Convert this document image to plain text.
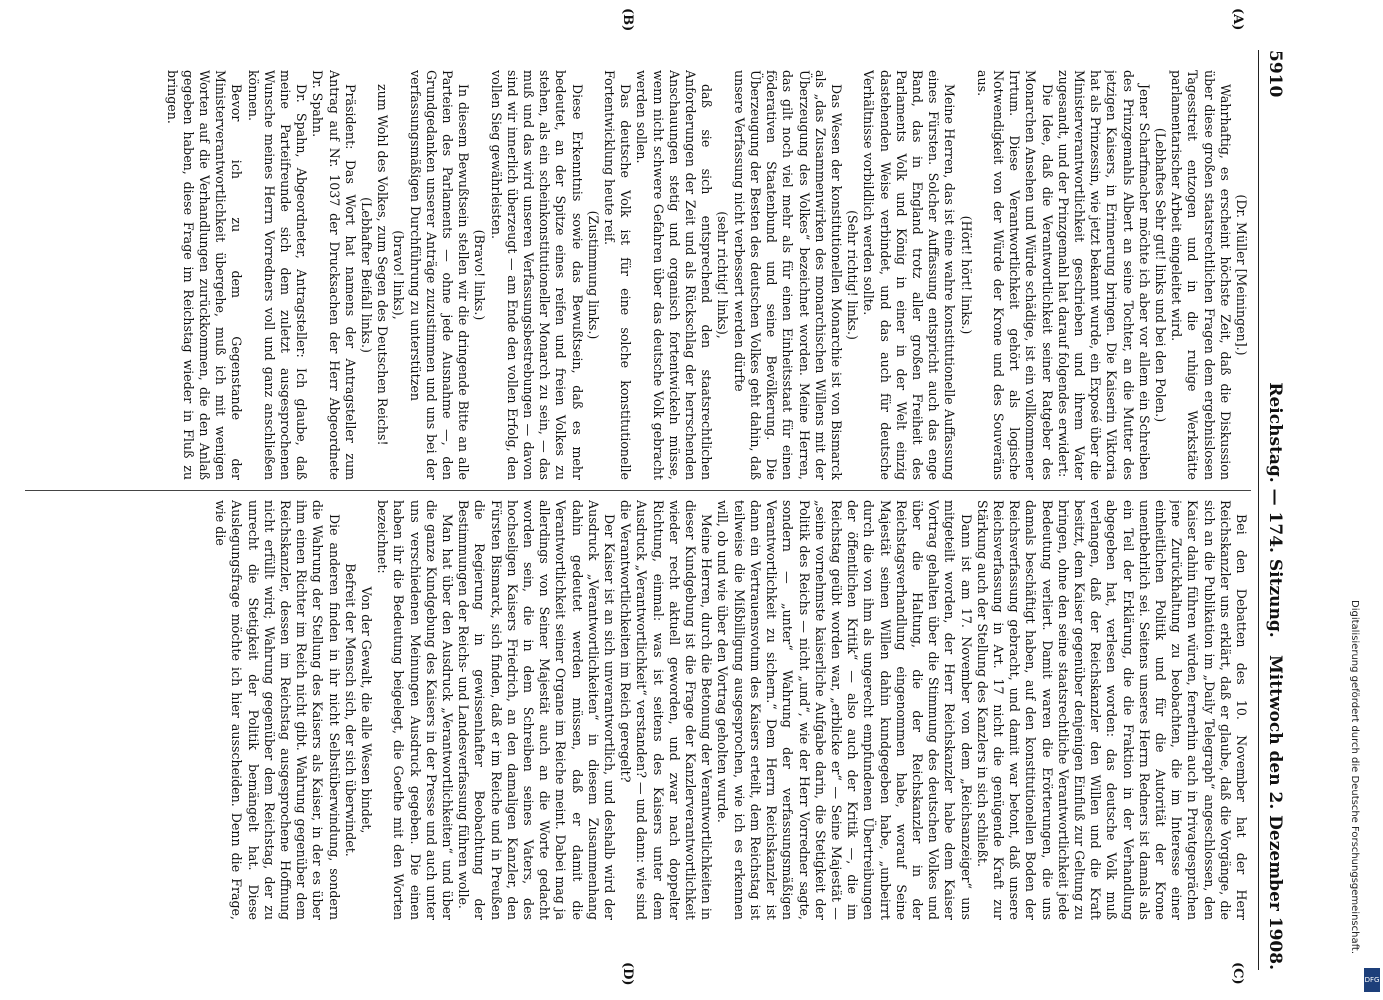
5910
Reichstag. — 174. Sitzung.
Mittwoch den 2. Dezember 1908.
(A)
(B)
(C)
(D)

(Dr. Müller [Meiningen].)

Wahrhaftig, es erscheint höchste Zeit, daß die Diskussion über diese großen staatsrechtlichen Fragen dem ergebnislosen Tagesstreit entzogen und in die ruhige Werkstätte parlamentarischer Arbeit eingeleitet wird.

(Lebhaftes Sehr gut! links und bei den Polen.)

Jener Scharfmacher möchte ich aber vor allem ein Schreiben des Prinzgemahls Albert an seine Tochter, an die Mutter des jetzigen Kaisers, in Erinnerung bringen. Die Kaiserin Viktoria hat als Prinzessin, wie jetzt bekannt wurde, ein Exposé über die Ministerverantwortlichkeit geschrieben und ihrem Vater zugesandt, und der Prinzgemahl hat darauf folgendes erwidert:

Die Idee, daß die Verantwortlichkeit seiner Ratgeber des Monarchen Ansehen und Würde schädige, ist ein vollkommener Irrtum. Diese Verantwortlichkeit gehört als logische Notwendigkeit von der Würde der Krone und des Souveräns aus.

(Hört! hört! links.)

Meine Herren, das ist eine wahre konstitutionelle Auffassung eines Fürsten. Solcher Auffassung entspricht auch das enge Band, das in England trotz aller großen Freiheit des Parlaments Volk und König in einer in der Welt einzig dastehenden Weise verbindet, und das auch für deutsche Verhältnisse vorbildlich werden sollte.

(Sehr richtig! links.)

Das Wesen der konstitutionellen Monarchie ist von Bismarck als „das Zusammenwirken des monarchischen Willens mit der Überzeugung des Volkes“ bezeichnet worden. Meine Herren, das gilt noch viel mehr als für einen Einheitsstaat für einen föderativen Staatenbund und seine Bevölkerung. Die Überzeugung der Besten des deutschen Volkes geht dahin, daß unsere Verfassung nicht verbessert werden dürfte

(sehr richtig! links),

daß sie sich entsprechend den staatsrechtlichen Anforderungen der Zeit und als Rückschlag der herrschenden Anschauungen stetig und organisch fortentwickeln müsse, wenn nicht schwere Gefahren über das deutsche Volk gebracht werden sollen.

Das deutsche Volk ist für eine solche konstitutionelle Fortentwicklung heute reif.

(Zustimmung links.)

Diese Erkenntnis sowie das Bewußtsein, daß es mehr bedeutet, an der Spitze eines reifen und freien Volkes zu stehen, als ein scheinkonstitutioneller Monarch zu sein, — das muß und das wird unseren Verfassungsbestrebungen — davon sind wir innerlich überzeugt — am Ende den vollen Erfolg, den vollen Sieg gewährleisten.

(Bravo! links.)

In diesem Bewußtsein stellen wir die dringende Bitte an alle Parteien des Parlaments — ohne jede Ausnahme —, den Grundgedanken unserer Anträge zuzustimmen und uns bei der verfassungsmäßigen Durchführung zu unterstützen

(bravo! links),

zum Wohl des Volkes, zum Segen des Deutschen Reichs!

(Lebhafter Beifall links.)

Präsident: Das Wort hat namens der Antragsteller zum Antrag auf Nr. 1037 der Drucksachen der Herr Abgeordnete Dr. Spahn.

Dr. Spahn, Abgeordneter, Antragsteller: Ich glaube, daß meine Parteifreunde sich dem zuletzt ausgesprochenen Wunsche meines Herrn Vorredners voll und ganz anschließen können.

Bevor ich zu dem Gegenstande der Ministerverantwortlichkeit übergehe, muß ich mit wenigen Worten auf die Verhandlungen zurückkommen, die den Anlaß gegeben haben, diese Frage im Reichstag wieder in Fluß zu bringen.

Bei den Debatten des 10. November hat der Herr Reichskanzler uns erklärt, daß er glaube, daß die Vorgänge, die sich an die Publikation im „Daily Telegraph“ angeschlossen, den Kaiser dahin führen würden, fernerhin auch in Privatgesprächen jene Zurückhaltung zu beobachten, die im Interesse einer einheitlichen Politik und für die Autorität der Krone unentbehrlich sei. Seitens unseres Herrn Redners ist damals als ein Teil der Erklärung, die die Fraktion in der Verhandlung abgegeben hat, verlesen worden: das deutsche Volk muß verlangen, daß der Reichskanzler den Willen und die Kraft besitzt, dem Kaiser gegenüber denjenigen Einfluß zur Geltung zu bringen, ohne den seine staatsrechtliche Verantwortlichkeit jede Bedeutung verliert. Damit waren die Erörterungen, die uns damals beschäftigt haben, auf den konstitutionellen Boden der Reichsverfassung gebracht, und damit war betont, daß unsere Reichsverfassung in Art. 17 nicht die genügende Kraft zur Stärkung auch der Stellung des Kanzlers in sich schließt.

Dann ist am 17. November von dem „Reichsanzeiger“ uns mitgeteilt worden, der Herr Reichskanzler habe dem Kaiser Vortrag gehalten über die Stimmung des deutschen Volkes und über die Haltung, die der Reichskanzler in der Reichstagsverhandlung eingenommen habe, worauf Seine Majestät seinen Willen dahin kundgegeben habe, „unbeirrt durch die von ihm als ungerecht empfundenen Übertreibungen der öffentlichen Kritik“ — also auch der Kritik —, die im Reichstag geübt worden war, „erblicke er“ — Seine Majestät — „seine vornehmste kaiserliche Aufgabe darin, die Stetigkeit der Politik des Reichs — nicht „und“, wie der Herr Vorredner sagte, sondern — „unter“ Wahrung der verfassungsmäßigen Verantwortlichkeit zu sichern.“ Dem Herrn Reichskanzler ist dann ein Vertrauensvotum des Kaisers erteilt, dem Reichstag ist teilweise die Mißbilligung ausgesprochen, wie ich es erkennen will, ob und wie über den Vortrag geholten wurde.

Meine Herren, durch die Betonung der Verantwortlichkeiten in dieser Kundgebung ist die Frage der Kanzlerverantwortlichkeit wieder recht aktuell geworden, und zwar nach doppelter Richtung, einmal: was ist seitens des Kaisers unter dem Ausdruck „Verantwortlichkeit“ verstanden? — und dann: wie sind die Verantwortlichkeiten im Reich geregelt?

Der Kaiser ist an sich unverantwortlich, und deshalb wird der Ausdruck „Verantwortlichkeiten“ in diesem Zusammenhang dahin gedeutet werden müssen, daß er damit die Verantwortlichkeit seiner Organe im Reiche meint. Dabei mag ja allerdings von Seiner Majestät auch an die Worte gedacht worden sein, die in dem Schreiben seines Vaters, des hochseligen Kaisers Friedrich, an den damaligen Kanzler, den Fürsten Bismarck, sich finden, daß er im Reiche und in Preußen die Regierung in gewissenhafter Beobachtung der Bestimmungen der Reichs- und Landesverfassung führen wolle.

Man hat über den Ausdruck „Verantwortlichkeiten“ und über die ganze Kundgebung des Kaisers in der Presse und auch unter uns verschiedenen Meinungen Ausdruck gegeben. Die einen haben ihr die Bedeutung beigelegt, die Goethe mit den Worten bezeichnet:

Von der Gewalt, die alle Wesen bindet,

Befreit der Mensch sich, der sich überwindet.

Die anderen finden in ihr nicht Selbstüberwindung, sondern die Wahrung der Stellung des Kaisers als Kaiser, in der es über ihm einen Richter im Reich nicht gibt. Wahrung gegenüber dem Reichskanzler, dessen im Reichstag ausgesprochene Hoffnung nicht erfüllt wird; Wahrung gegenüber dem Reichstag, der zu unrecht die Stetigkeit der Politik bemängelt hat. Diese Auslegungsfrage möchte ich hier ausscheiden. Denn die Frage, wie die

Digitalisierung gefördert durch die Deutsche Forschungsgemeinschaft.
DFG
